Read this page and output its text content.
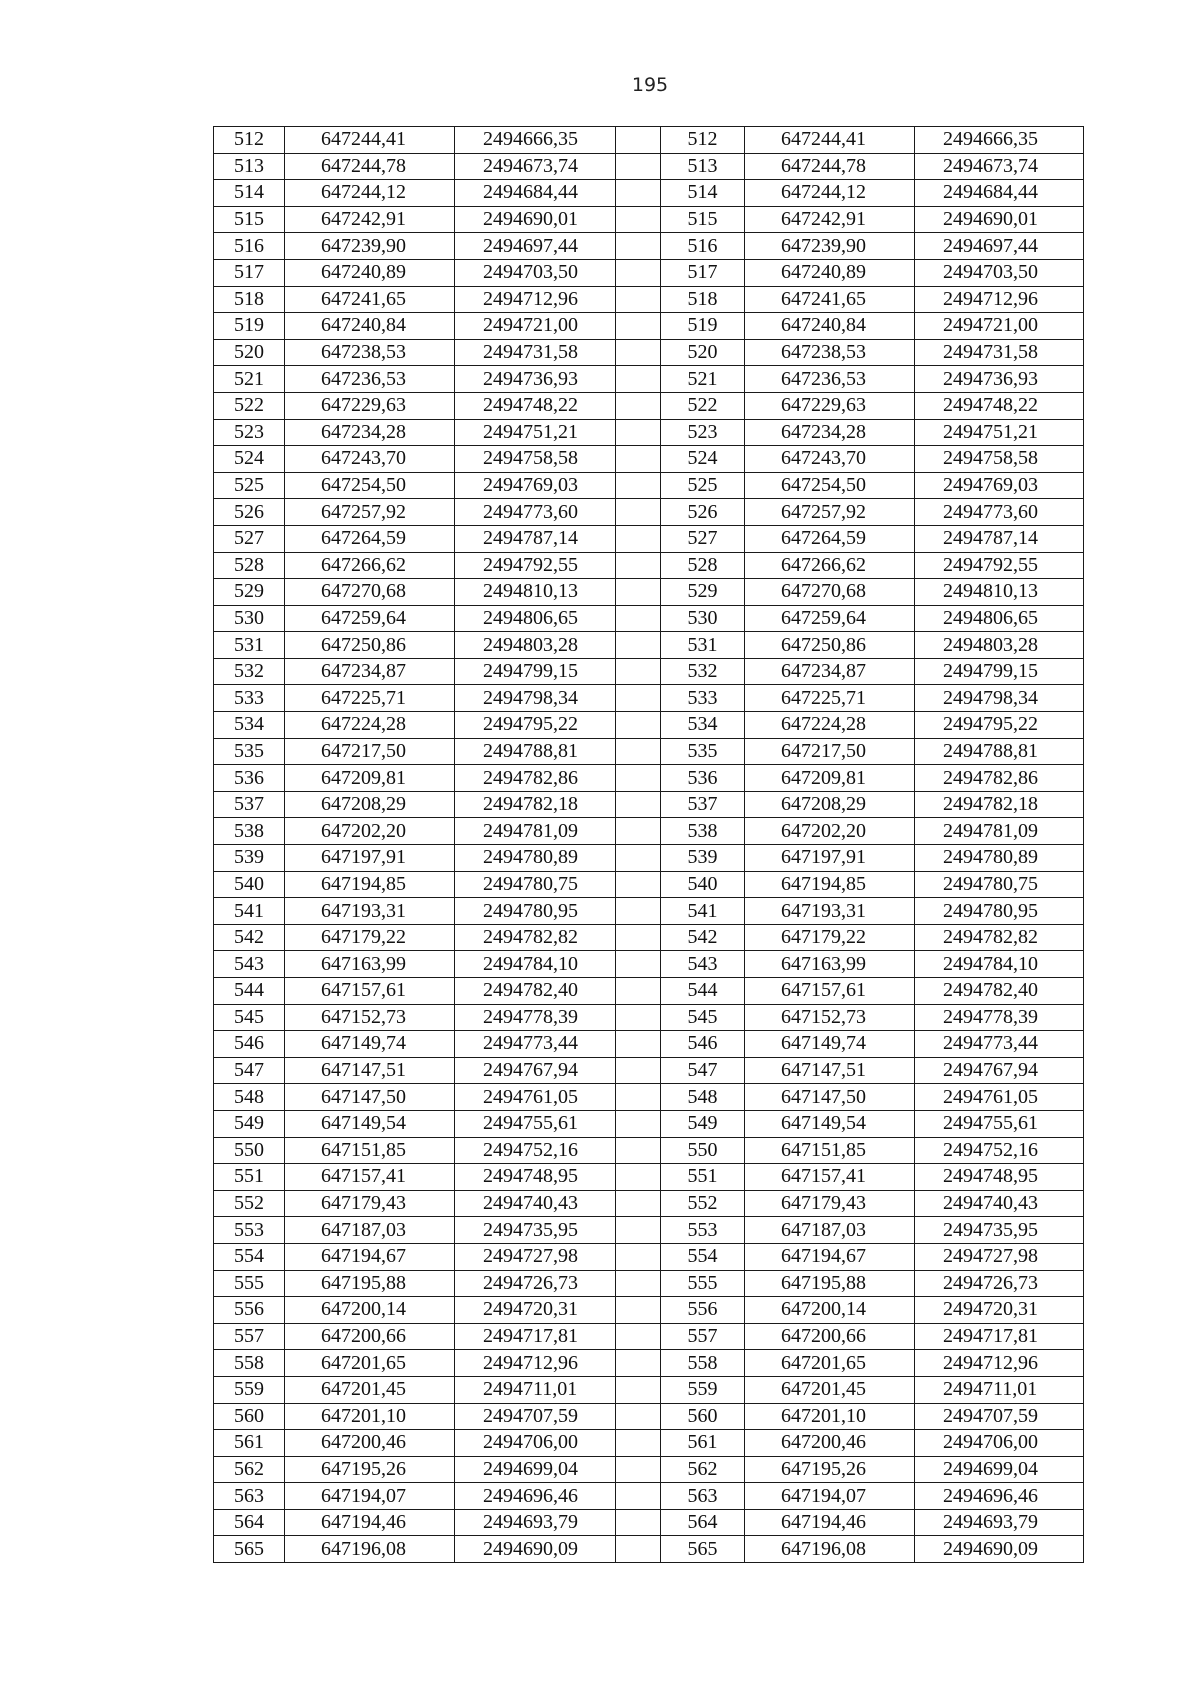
195
512	647244,41	2494666,35		512	647244,41	2494666,35
513	647244,78	2494673,74		513	647244,78	2494673,74
514	647244,12	2494684,44		514	647244,12	2494684,44
515	647242,91	2494690,01		515	647242,91	2494690,01
516	647239,90	2494697,44		516	647239,90	2494697,44
517	647240,89	2494703,50		517	647240,89	2494703,50
518	647241,65	2494712,96		518	647241,65	2494712,96
519	647240,84	2494721,00		519	647240,84	2494721,00
520	647238,53	2494731,58		520	647238,53	2494731,58
521	647236,53	2494736,93		521	647236,53	2494736,93
522	647229,63	2494748,22		522	647229,63	2494748,22
523	647234,28	2494751,21		523	647234,28	2494751,21
524	647243,70	2494758,58		524	647243,70	2494758,58
525	647254,50	2494769,03		525	647254,50	2494769,03
526	647257,92	2494773,60		526	647257,92	2494773,60
527	647264,59	2494787,14		527	647264,59	2494787,14
528	647266,62	2494792,55		528	647266,62	2494792,55
529	647270,68	2494810,13		529	647270,68	2494810,13
530	647259,64	2494806,65		530	647259,64	2494806,65
531	647250,86	2494803,28		531	647250,86	2494803,28
532	647234,87	2494799,15		532	647234,87	2494799,15
533	647225,71	2494798,34		533	647225,71	2494798,34
534	647224,28	2494795,22		534	647224,28	2494795,22
535	647217,50	2494788,81		535	647217,50	2494788,81
536	647209,81	2494782,86		536	647209,81	2494782,86
537	647208,29	2494782,18		537	647208,29	2494782,18
538	647202,20	2494781,09		538	647202,20	2494781,09
539	647197,91	2494780,89		539	647197,91	2494780,89
540	647194,85	2494780,75		540	647194,85	2494780,75
541	647193,31	2494780,95		541	647193,31	2494780,95
542	647179,22	2494782,82		542	647179,22	2494782,82
543	647163,99	2494784,10		543	647163,99	2494784,10
544	647157,61	2494782,40		544	647157,61	2494782,40
545	647152,73	2494778,39		545	647152,73	2494778,39
546	647149,74	2494773,44		546	647149,74	2494773,44
547	647147,51	2494767,94		547	647147,51	2494767,94
548	647147,50	2494761,05		548	647147,50	2494761,05
549	647149,54	2494755,61		549	647149,54	2494755,61
550	647151,85	2494752,16		550	647151,85	2494752,16
551	647157,41	2494748,95		551	647157,41	2494748,95
552	647179,43	2494740,43		552	647179,43	2494740,43
553	647187,03	2494735,95		553	647187,03	2494735,95
554	647194,67	2494727,98		554	647194,67	2494727,98
555	647195,88	2494726,73		555	647195,88	2494726,73
556	647200,14	2494720,31		556	647200,14	2494720,31
557	647200,66	2494717,81		557	647200,66	2494717,81
558	647201,65	2494712,96		558	647201,65	2494712,96
559	647201,45	2494711,01		559	647201,45	2494711,01
560	647201,10	2494707,59		560	647201,10	2494707,59
561	647200,46	2494706,00		561	647200,46	2494706,00
562	647195,26	2494699,04		562	647195,26	2494699,04
563	647194,07	2494696,46		563	647194,07	2494696,46
564	647194,46	2494693,79		564	647194,46	2494693,79
565	647196,08	2494690,09		565	647196,08	2494690,09
